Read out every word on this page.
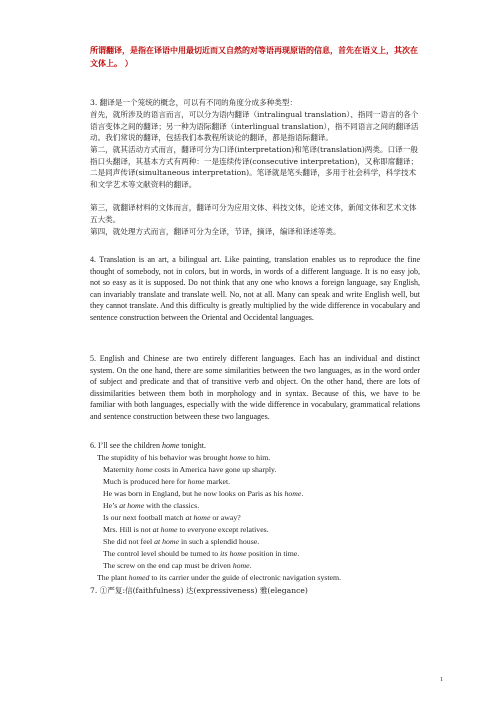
所谓翻译，是指在译语中用最切近而又自然的对等语再现原语的信息，首先在语义上，其次在文体上。 ）
3. 翻译是一个笼统的概念，可以有不同的角度分成多种类型：
首先，就所涉及的语言而言，可以分为语内翻译（intralingual translation）、指同一语言的各个语言变体之间的翻译；另一种为语际翻译（interlingual translation），指不同语言之间的翻译活动。我们常说的翻译，包括我们本教程所谈论的翻译，都是指语际翻译。
第二，就其活动方式而言，翻译可分为口译(interpretation)和笔译(translation)两类。口译一般指口头翻译，其基本方式有两种：一是连续传译(consecutive interpretation)，又称即席翻译；二是同声传译(simultaneous interpretation)。笔译就是笔头翻译，多用于社会科学，科学技术和文学艺术等文献资料的翻译。
第三，就翻译材料的文体而言，翻译可分为应用文体、科技文体，论述文体，新闻文体和艺术文体五大类。
第四，就处理方式而言，翻译可分为全译，节译，摘译，编译和译述等类。
4. Translation is an art, a bilingual art. Like painting, translation enables us to reproduce the fine thought of somebody, not in colors, but in words, in words of a different language. It is no easy job, not so easy as it is supposed. Do not think that any one who knows a foreign language, say English, can invariably translate and translate well. No, not at all. Many can speak and write English well, but they cannot translate. And this difficulty is greatly multiplied by the wide difference in vocabulary and sentence construction between the Oriental and Occidental languages.
5. English and Chinese are two entirely different languages. Each has an individual and distinct system. On the one hand, there are some similarities between the two languages, as in the word order of subject and predicate and that of transitive verb and object. On the other hand, there are lots of dissimilarities between them both in morphology and in syntax. Because of this, we have to be familiar with both languages, especially with the wide difference in vocabulary, grammatical relations and sentence construction between these two languages.
6. I’ll see the children home tonight.
The stupidity of his behavior was brought home to him.
Maternity home costs in America have gone up sharply.
Much is produced here for home market.
He was born in England, but he now looks on Paris as his home.
He’s at home with the classics.
Is our next football match at home or away?
Mrs. Hill is not at home to everyone except relatives.
She did not feel at home in such a splendid house.
The control level should be turned to its home position in time.
The screw on the end cap must be driven home.
The plant homed to its carrier under the guide of electronic navigation system.
7. ①严复:信(faithfulness) 达(expressiveness) 雅(elegance)
1
